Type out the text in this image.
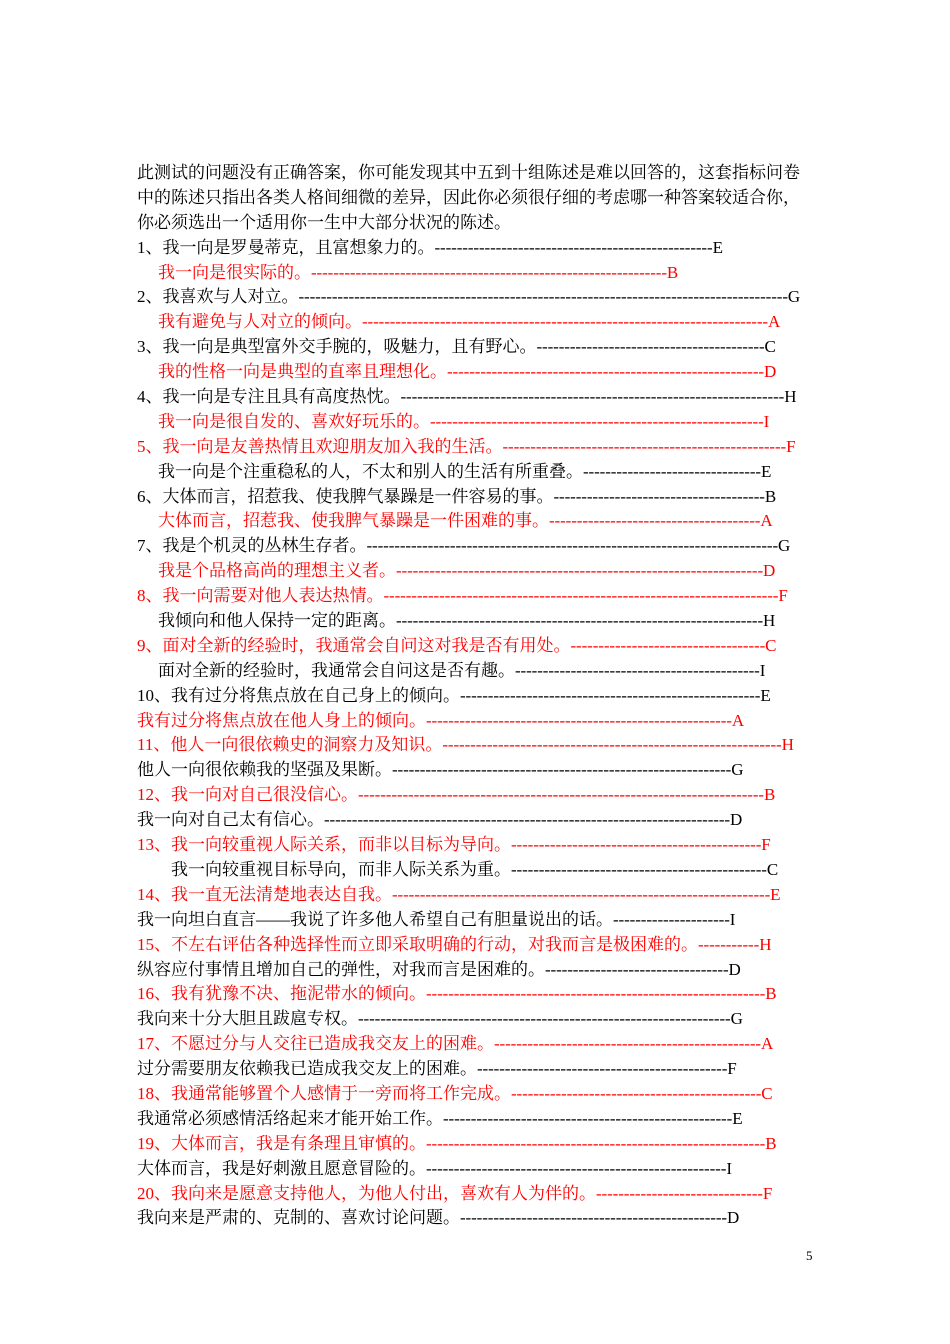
此测试的问题没有正确答案，你可能发现其中五到十组陈述是难以回答的，这套指标问卷
中的陈述只指出各类人格间细微的差异，因此你必须很仔细的考虑哪一种答案较适合你，
你必须选出一个适用你一生中大部分状况的陈述。
1、我一向是罗曼蒂克，且富想象力的。--------------------------------------------------E
我一向是很实际的。----------------------------------------------------------------B
2、我喜欢与人对立。----------------------------------------------------------------------------------------G
我有避免与人对立的倾向。-------------------------------------------------------------------------A
3、我一向是典型富外交手腕的，吸魅力，且有野心。-----------------------------------------C
我的性格一向是典型的直率且理想化。---------------------------------------------------------D
4、我一向是专注且具有高度热忱。---------------------------------------------------------------------H
我一向是很自发的、喜欢好玩乐的。------------------------------------------------------------I
5、我一向是友善热情且欢迎朋友加入我的生活。---------------------------------------------------F
我一向是个注重稳私的人，不太和别人的生活有所重叠。--------------------------------E
6、大体而言，招惹我、使我脾气暴躁是一件容易的事。--------------------------------------B
大体而言，招惹我、使我脾气暴躁是一件困难的事。--------------------------------------A
7、我是个机灵的丛林生存者。--------------------------------------------------------------------------G
我是个品格高尚的理想主义者。------------------------------------------------------------------D
8、我一向需要对他人表达热情。-----------------------------------------------------------------------F
我倾向和他人保持一定的距离。------------------------------------------------------------------H
9、面对全新的经验时，我通常会自问这对我是否有用处。-----------------------------------C
面对全新的经验时，我通常会自问这是否有趣。--------------------------------------------I
10、我有过分将焦点放在自己身上的倾向。------------------------------------------------------E
我有过分将焦点放在他人身上的倾向。-------------------------------------------------------A
11、他人一向很依赖史的洞察力及知识。-------------------------------------------------------------H
他人一向很依赖我的坚强及果断。-------------------------------------------------------------G
12、我一向对自己很没信心。-------------------------------------------------------------------------B
我一向对自己太有信心。-------------------------------------------------------------------------D
13、我一向较重视人际关系，而非以目标为导向。---------------------------------------------F
我一向较重视目标导向，而非人际关系为重。----------------------------------------------C
14、我一直无法清楚地表达自我。--------------------------------------------------------------------E
我一向坦白直言——我说了许多他人希望自己有胆量说出的话。---------------------I
15、不左右评估各种选择性而立即采取明确的行动，对我而言是极困难的。-----------H
纵容应付事情且增加自己的弹性，对我而言是困难的。---------------------------------D
16、我有犹豫不决、拖泥带水的倾向。-------------------------------------------------------------B
我向来十分大胆且跋扈专权。-------------------------------------------------------------------G
17、不愿过分与人交往已造成我交友上的困难。------------------------------------------------A
过分需要朋友依赖我已造成我交友上的困难。---------------------------------------------F
18、我通常能够置个人感情于一旁而将工作完成。---------------------------------------------C
我通常必须感情活络起来才能开始工作。----------------------------------------------------E
19、大体而言，我是有条理且审慎的。-------------------------------------------------------------B
大体而言，我是好刺激且愿意冒险的。------------------------------------------------------I
20、我向来是愿意支持他人，为他人付出，喜欢有人为伴的。------------------------------F
我向来是严肃的、克制的、喜欢讨论问题。------------------------------------------------D
5
